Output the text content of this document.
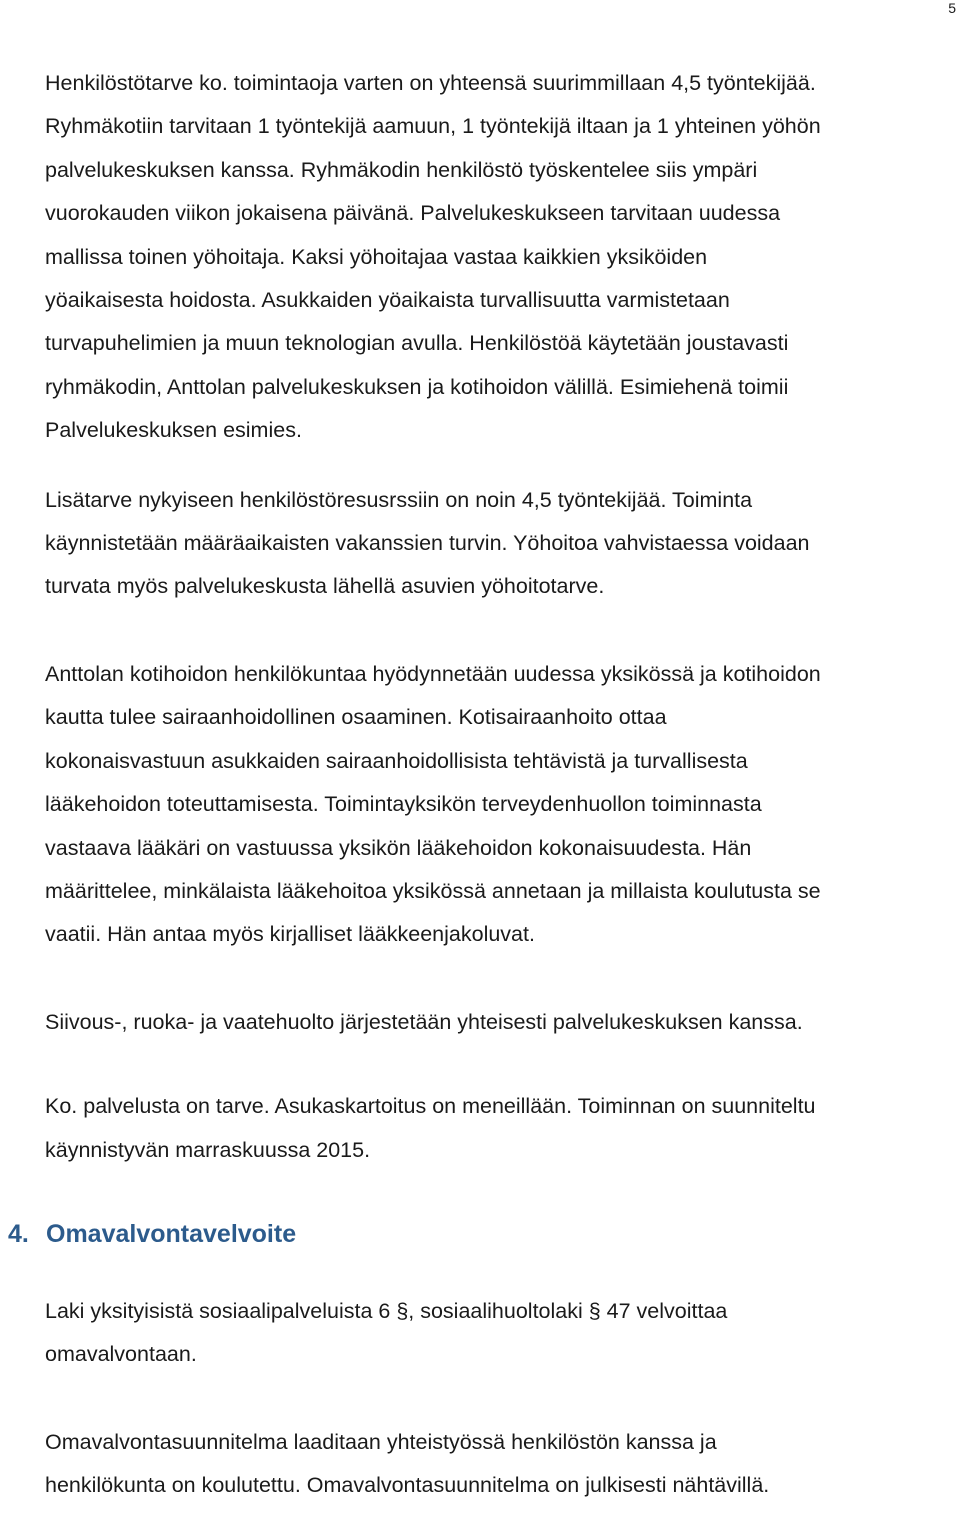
5

Henkilöstötarve ko. toimintaoja varten on yhteensä suurimmillaan 4,5 työntekijää.
Ryhmäkotiin tarvitaan 1 työntekijä aamuun, 1 työntekijä iltaan ja 1 yhteinen yöhön
palvelukeskuksen kanssa. Ryhmäkodin henkilöstö työskentelee siis ympäri
vuorokauden viikon jokaisena päivänä. Palvelukeskukseen tarvitaan uudessa
mallissa toinen yöhoitaja. Kaksi yöhoitajaa vastaa kaikkien yksiköiden
yöaikaisesta hoidosta. Asukkaiden yöaikaista turvallisuutta varmistetaan
turvapuhelimien ja muun teknologian avulla. Henkilöstöä käytetään joustavasti
ryhmäkodin, Anttolan palvelukeskuksen ja kotihoidon välillä. Esimiehenä toimii
Palvelukeskuksen esimies.

Lisätarve nykyiseen henkilöstöresusrssiin on noin 4,5 työntekijää. Toiminta
käynnistetään määräaikaisten vakanssien turvin. Yöhoitoa vahvistaessa voidaan
turvata myös palvelukeskusta lähellä asuvien yöhoitotarve.

Anttolan kotihoidon henkilökuntaa hyödynnetään uudessa yksikössä ja kotihoidon
kautta tulee sairaanhoidollinen osaaminen. Kotisairaanhoito ottaa
kokonaisvastuun asukkaiden sairaanhoidollisista tehtävistä ja turvallisesta
lääkehoidon toteuttamisesta. Toimintayksikön terveydenhuollon toiminnasta
vastaava lääkäri on vastuussa yksikön lääkehoidon kokonaisuudesta. Hän
määrittelee, minkälaista lääkehoitoa yksikössä annetaan ja millaista koulutusta se
vaatii. Hän antaa myös kirjalliset lääkkeenjakoluvat.

Siivous-, ruoka- ja vaatehuolto järjestetään yhteisesti palvelukeskuksen kanssa.

Ko. palvelusta on tarve. Asukaskartoitus on meneillään. Toiminnan on suunniteltu
käynnistyvän marraskuussa 2015.

4. Omavalvontavelvoite

Laki yksityisistä sosiaalipalveluista 6 §, sosiaalihuoltolaki § 47 velvoittaa
omavalvontaan.

Omavalvontasuunnitelma laaditaan yhteistyössä henkilöstön kanssa ja
henkilökunta on koulutettu. Omavalvontasuunnitelma on julkisesti nähtävillä.
